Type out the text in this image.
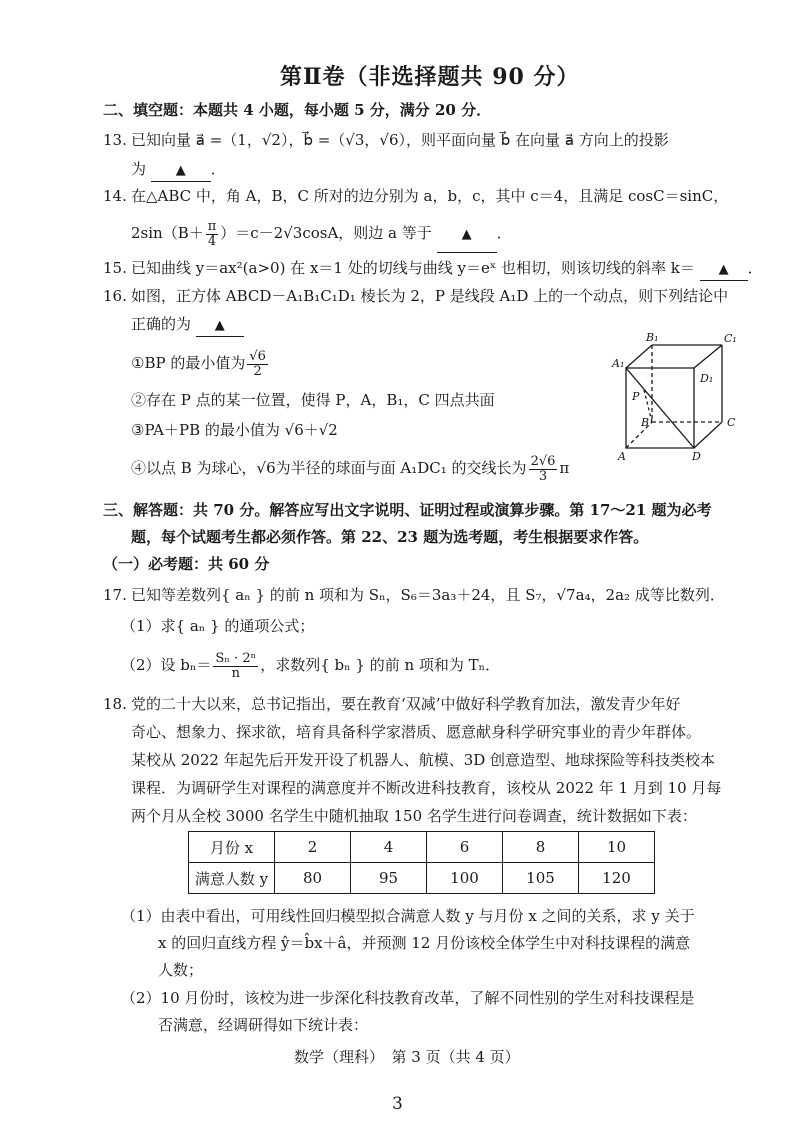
第Ⅱ卷（非选择题共 90 分）
二、填空题：本题共 4 小题，每小题 5 分，满分 20 分．
13. 已知向量 a⃗ =（1，√2），b⃗ =（√3，√6），则平面向量 b⃗ 在向量 a⃗ 方向上的投影
为 ▲ ．
14. 在△ABC 中，角 A，B，C 所对的边分别为 a，b，c，其中 c＝4，且满足 cosC＝sinC，
$2\sin(B+ \frac{\pi}{4} )=c-2√3\cos A$，则边 a 等于 ▲ ．
15. 已知曲线 y＝ax²(a>0) 在 x＝1 处的切线与曲线 y＝eˣ 也相切，则该切线的斜率 k＝ ▲ ．
16. 如图，正方体 ABCD－A₁B₁C₁D₁ 棱长为 2，P 是线段 A₁D 上的一个动点，则下列结论中
正确的为 ▲
①BP 的最小值为 $\frac{√6}{2}$
②存在 P 点的某一位置，使得 P，A，B₁，C 四点共面
③PA＋PB 的最小值为 √6＋√2
④以点 B 为球心，√6为半径的球面与面 A₁DC₁ 的交线长为 $\frac{2√6}{3}$ π
B₁	C₁
A₁
D₁
P
B	C
A	D
三、解答题：共 70 分。解答应写出文字说明、证明过程或演算步骤。第 17～21 题为必考
题，每个试题考生都必须作答。第 22、23 题为选考题，考生根据要求作答。
（一）必考题：共 60 分
17. 已知等差数列{ aₙ } 的前 n 项和为 Sₙ，S₆＝3a₃＋24，且 S₇，√7a₄，2a₂ 成等比数列．
（1）求{ aₙ } 的通项公式；
（2）设 $b_n= \frac{\text{Sₙ · 2ⁿ}}{n}$ ，求数列{ bₙ } 的前 n 项和为 Tₙ．
18. 党的二十大以来，总书记指出，要在教育‘双减’中做好科学教育加法，激发青少年好
奇心、想象力、探求欲，培育具备科学家潜质、愿意献身科学研究事业的青少年群体。
某校从 2022 年起先后开发开设了机器人、航模、3D 创意造型、地球探险等科技类校本
课程．为调研学生对课程的满意度并不断改进科技教育，该校从 2022 年 1 月到 10 月每
两个月从全校 3000 名学生中随机抽取 150 名学生进行问卷调查，统计数据如下表：
月份 x	2	4	6	8	10
满意人数 y	80	95	100	105	120
（1）由表中看出，可用线性回归模型拟合满意人数 y 与月份 x 之间的关系，求 y 关于
x 的回归直线方程 ŷ＝b̂x＋â，并预测 12 月份该校全体学生中对科技课程的满意
人数；
（2）10 月份时，该校为进一步深化科技教育改革，了解不同性别的学生对科技课程是
否满意，经调研得如下统计表：
数学（理科）　第 3 页（共 4 页）
3
